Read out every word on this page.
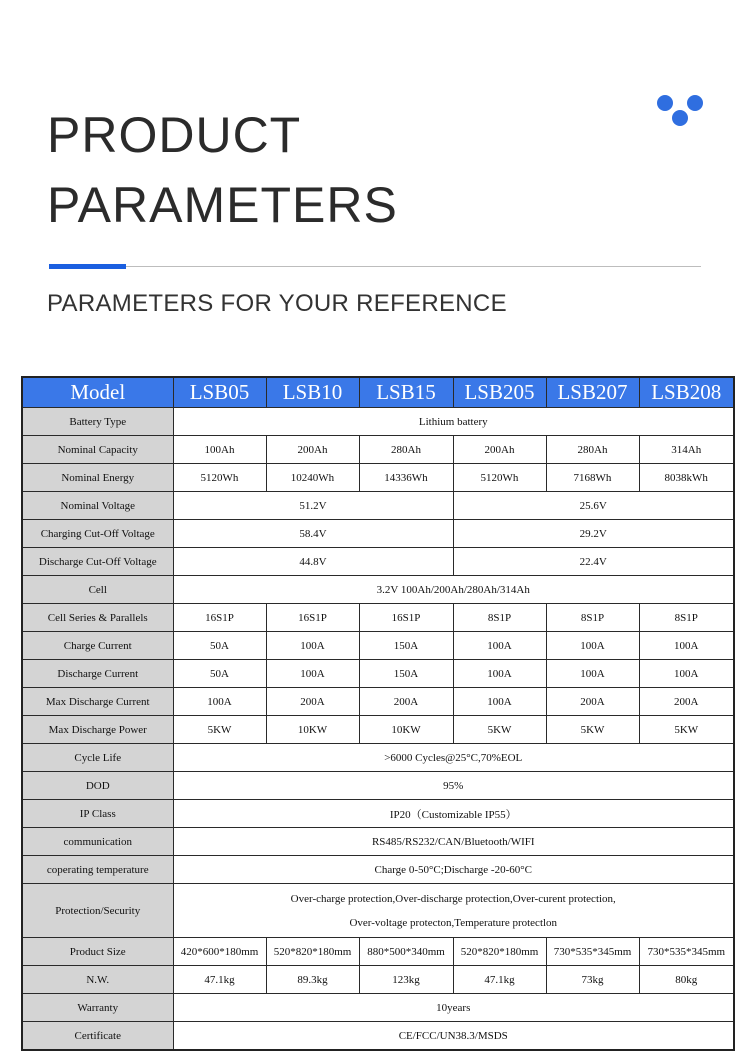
PRODUCT
PARAMETERS
PARAMETERS FOR YOUR REFERENCE
Model	LSB05	LSB10	LSB15	LSB205	LSB207	LSB208
Battery Type	Lithium battery					
Nominal Capacity	100Ah	200Ah	280Ah	200Ah	280Ah	314Ah
Nominal Energy	5120Wh	10240Wh	14336Wh	5120Wh	7168Wh	8038kWh
Nominal Voltage	51.2V			25.6V		
Charging Cut-Off Voltage	58.4V			29.2V		
Discharge Cut-Off Voltage	44.8V			22.4V		
Cell	3.2V 100Ah/200Ah/280Ah/314Ah					
Cell Series & Parallels	16S1P	16S1P	16S1P	8S1P	8S1P	8S1P
Charge Current	50A	100A	150A	100A	100A	100A
Discharge Current	50A	100A	150A	100A	100A	100A
Max Discharge Current	100A	200A	200A	100A	200A	200A
Max Discharge Power	5KW	10KW	10KW	5KW	5KW	5KW
Cycle Life	>6000 Cycles@25°C,70%EOL					
DOD	95%					
IP Class	IP20（Customizable IP55）					
communication	RS485/RS232/CAN/Bluetooth/WIFI					
coperating temperature	Charge 0-50°C;Discharge -20-60°C					
Protection/Security	Over-charge protection,Over-discharge protection,Over-curent protection,
Over-voltage protecton,Temperature protectlon					
Product Size	420*600*180mm	520*820*180mm	880*500*340mm	520*820*180mm	730*535*345mm	730*535*345mm
N.W.	47.1kg	89.3kg	123kg	47.1kg	73kg	80kg
Warranty	10years					
Certificate	CE/FCC/UN38.3/MSDS					
